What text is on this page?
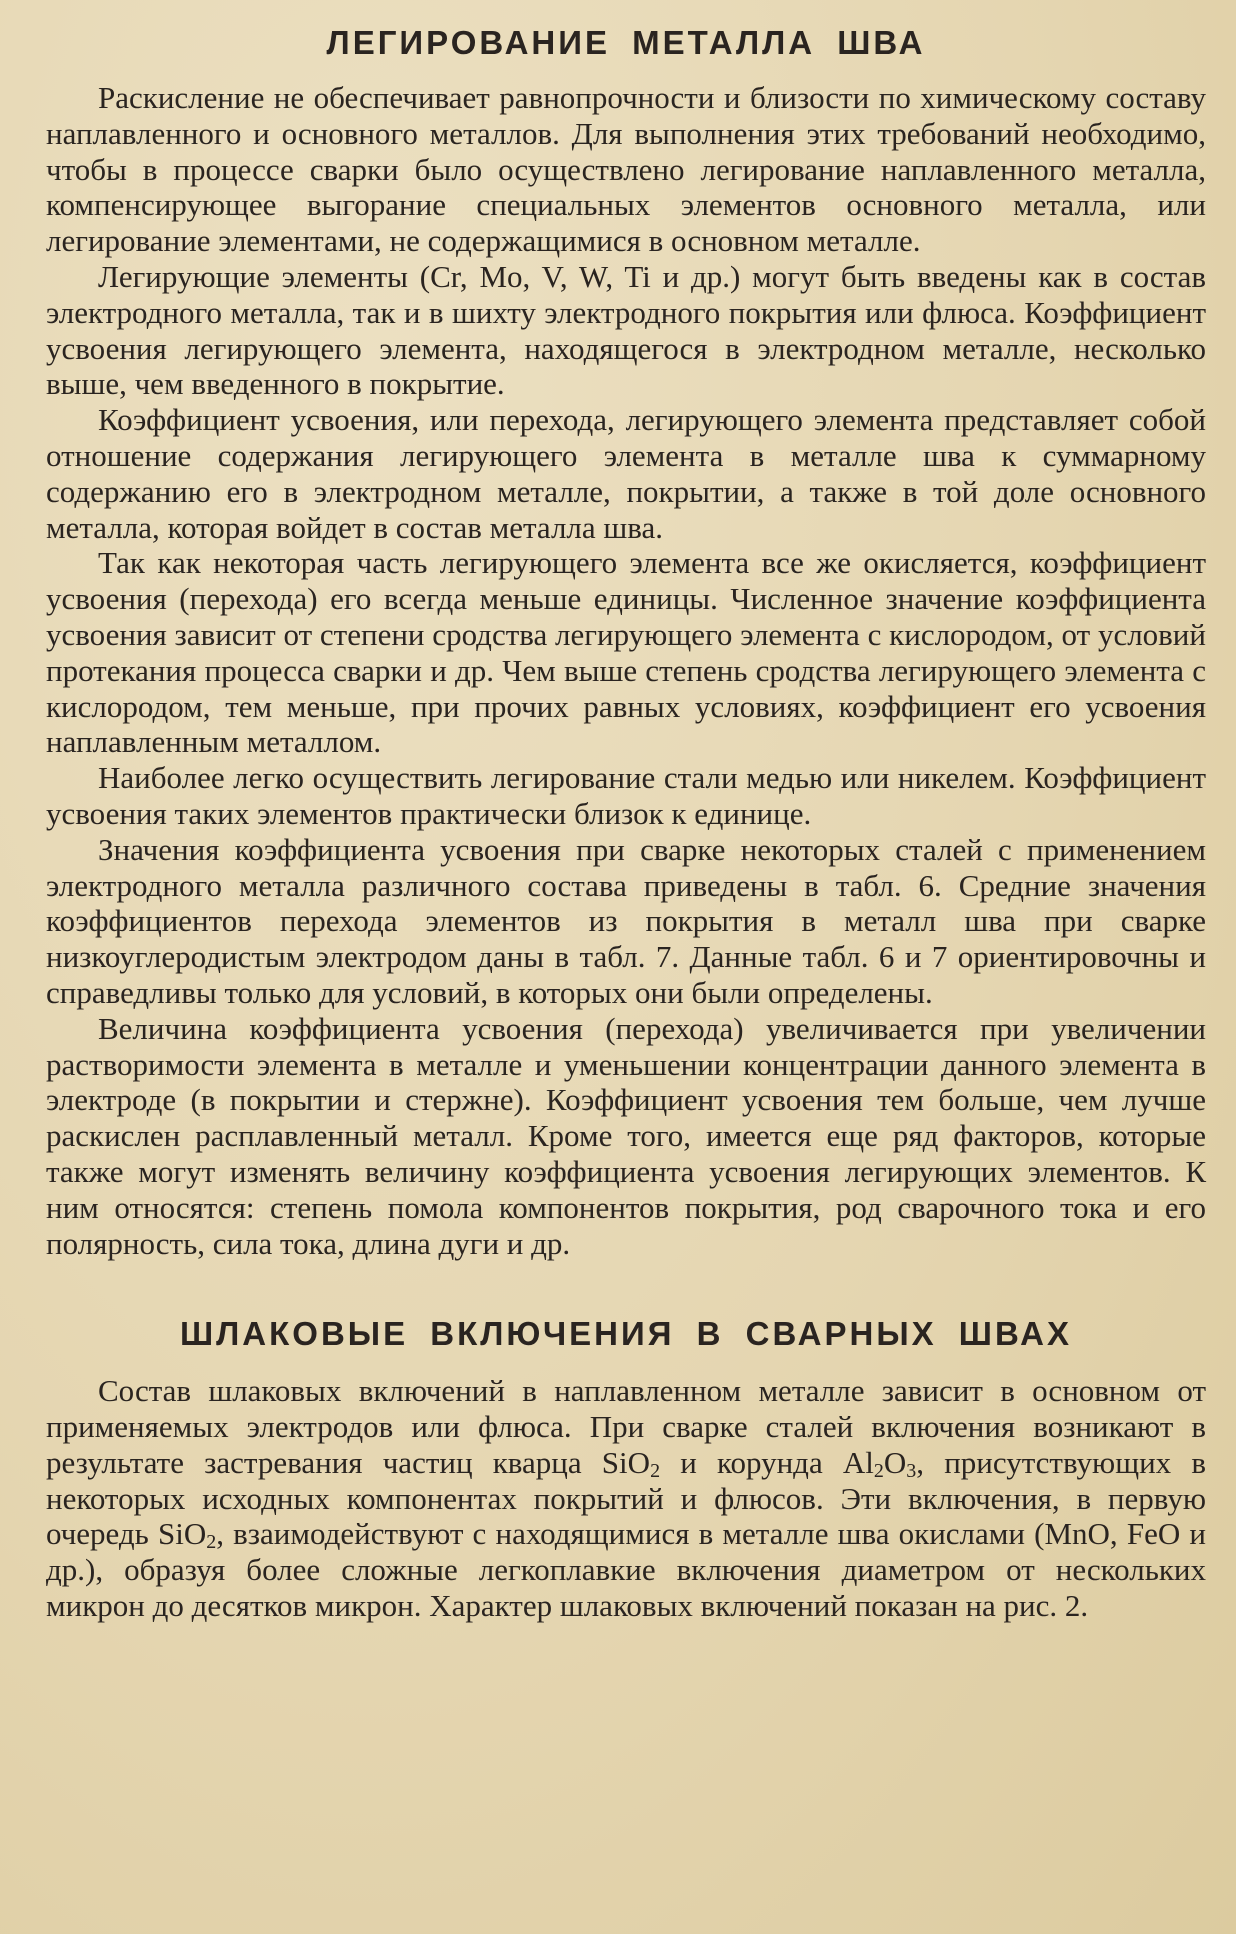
ЛЕГИРОВАНИЕ МЕТАЛЛА ШВА

Раскисление не обеспечивает равнопрочности и близости по химическому составу наплавленного и основного металлов. Для выполнения этих требований необходимо, чтобы в процессе сварки было осуществлено легирование наплавленного металла, компенсирующее выгорание специальных элементов основного металла, или легирование элементами, не содержащимися в основном металле.

Легирующие элементы (Cr, Mo, V, W, Ti и др.) могут быть введены как в состав электродного металла, так и в шихту электродного покрытия или флюса. Коэффициент усвоения легирующего элемента, находящегося в электродном металле, несколько выше, чем введенного в покрытие.

Коэффициент усвоения, или перехода, легирующего элемента представляет собой отношение содержания легирующего элемента в металле шва к суммарному содержанию его в электродном металле, покрытии, а также в той доле основного металла, которая войдет в состав металла шва.

Так как некоторая часть легирующего элемента все же окисляется, коэффициент усвоения (перехода) его всегда меньше единицы. Численное значение коэффициента усвоения зависит от степени сродства легирующего элемента с кислородом, от условий протекания процесса сварки и др. Чем выше степень сродства легирующего элемента с кислородом, тем меньше, при прочих равных условиях, коэффициент его усвоения наплавленным металлом.

Наиболее легко осуществить легирование стали медью или никелем. Коэффициент усвоения таких элементов практически близок к единице.

Значения коэффициента усвоения при сварке некоторых сталей с применением электродного металла различного состава приведены в табл. 6. Средние значения коэффициентов перехода элементов из покрытия в металл шва при сварке низкоуглеродистым электродом даны в табл. 7. Данные табл. 6 и 7 ориентировочны и справедливы только для условий, в которых они были определены.

Величина коэффициента усвоения (перехода) увеличивается при увеличении растворимости элемента в металле и уменьшении концентрации данного элемента в электроде (в покрытии и стержне). Коэффициент усвоения тем больше, чем лучше раскислен расплавленный металл. Кроме того, имеется еще ряд факторов, которые также могут изменять величину коэффициента усвоения легирующих элементов. К ним относятся: степень помола компонентов покрытия, род сварочного тока и его полярность, сила тока, длина дуги и др.

ШЛАКОВЫЕ ВКЛЮЧЕНИЯ В СВАРНЫХ ШВАХ

Состав шлаковых включений в наплавленном металле зависит в основном от применяемых электродов или флюса. При сварке сталей включения возникают в результате застревания частиц кварца SiO$_2$ и корунда $Al_2O_3$, присутствующих в некоторых исходных компонентах покрытий и флюсов. Эти включения, в первую очередь SiO$_2$, взаимодействуют с находящимися в металле шва окислами (MnO, FeO и др.), образуя более сложные легкоплавкие включения диаметром от нескольких микрон до десятков микрон. Характер шлаковых включений показан на рис. 2.
